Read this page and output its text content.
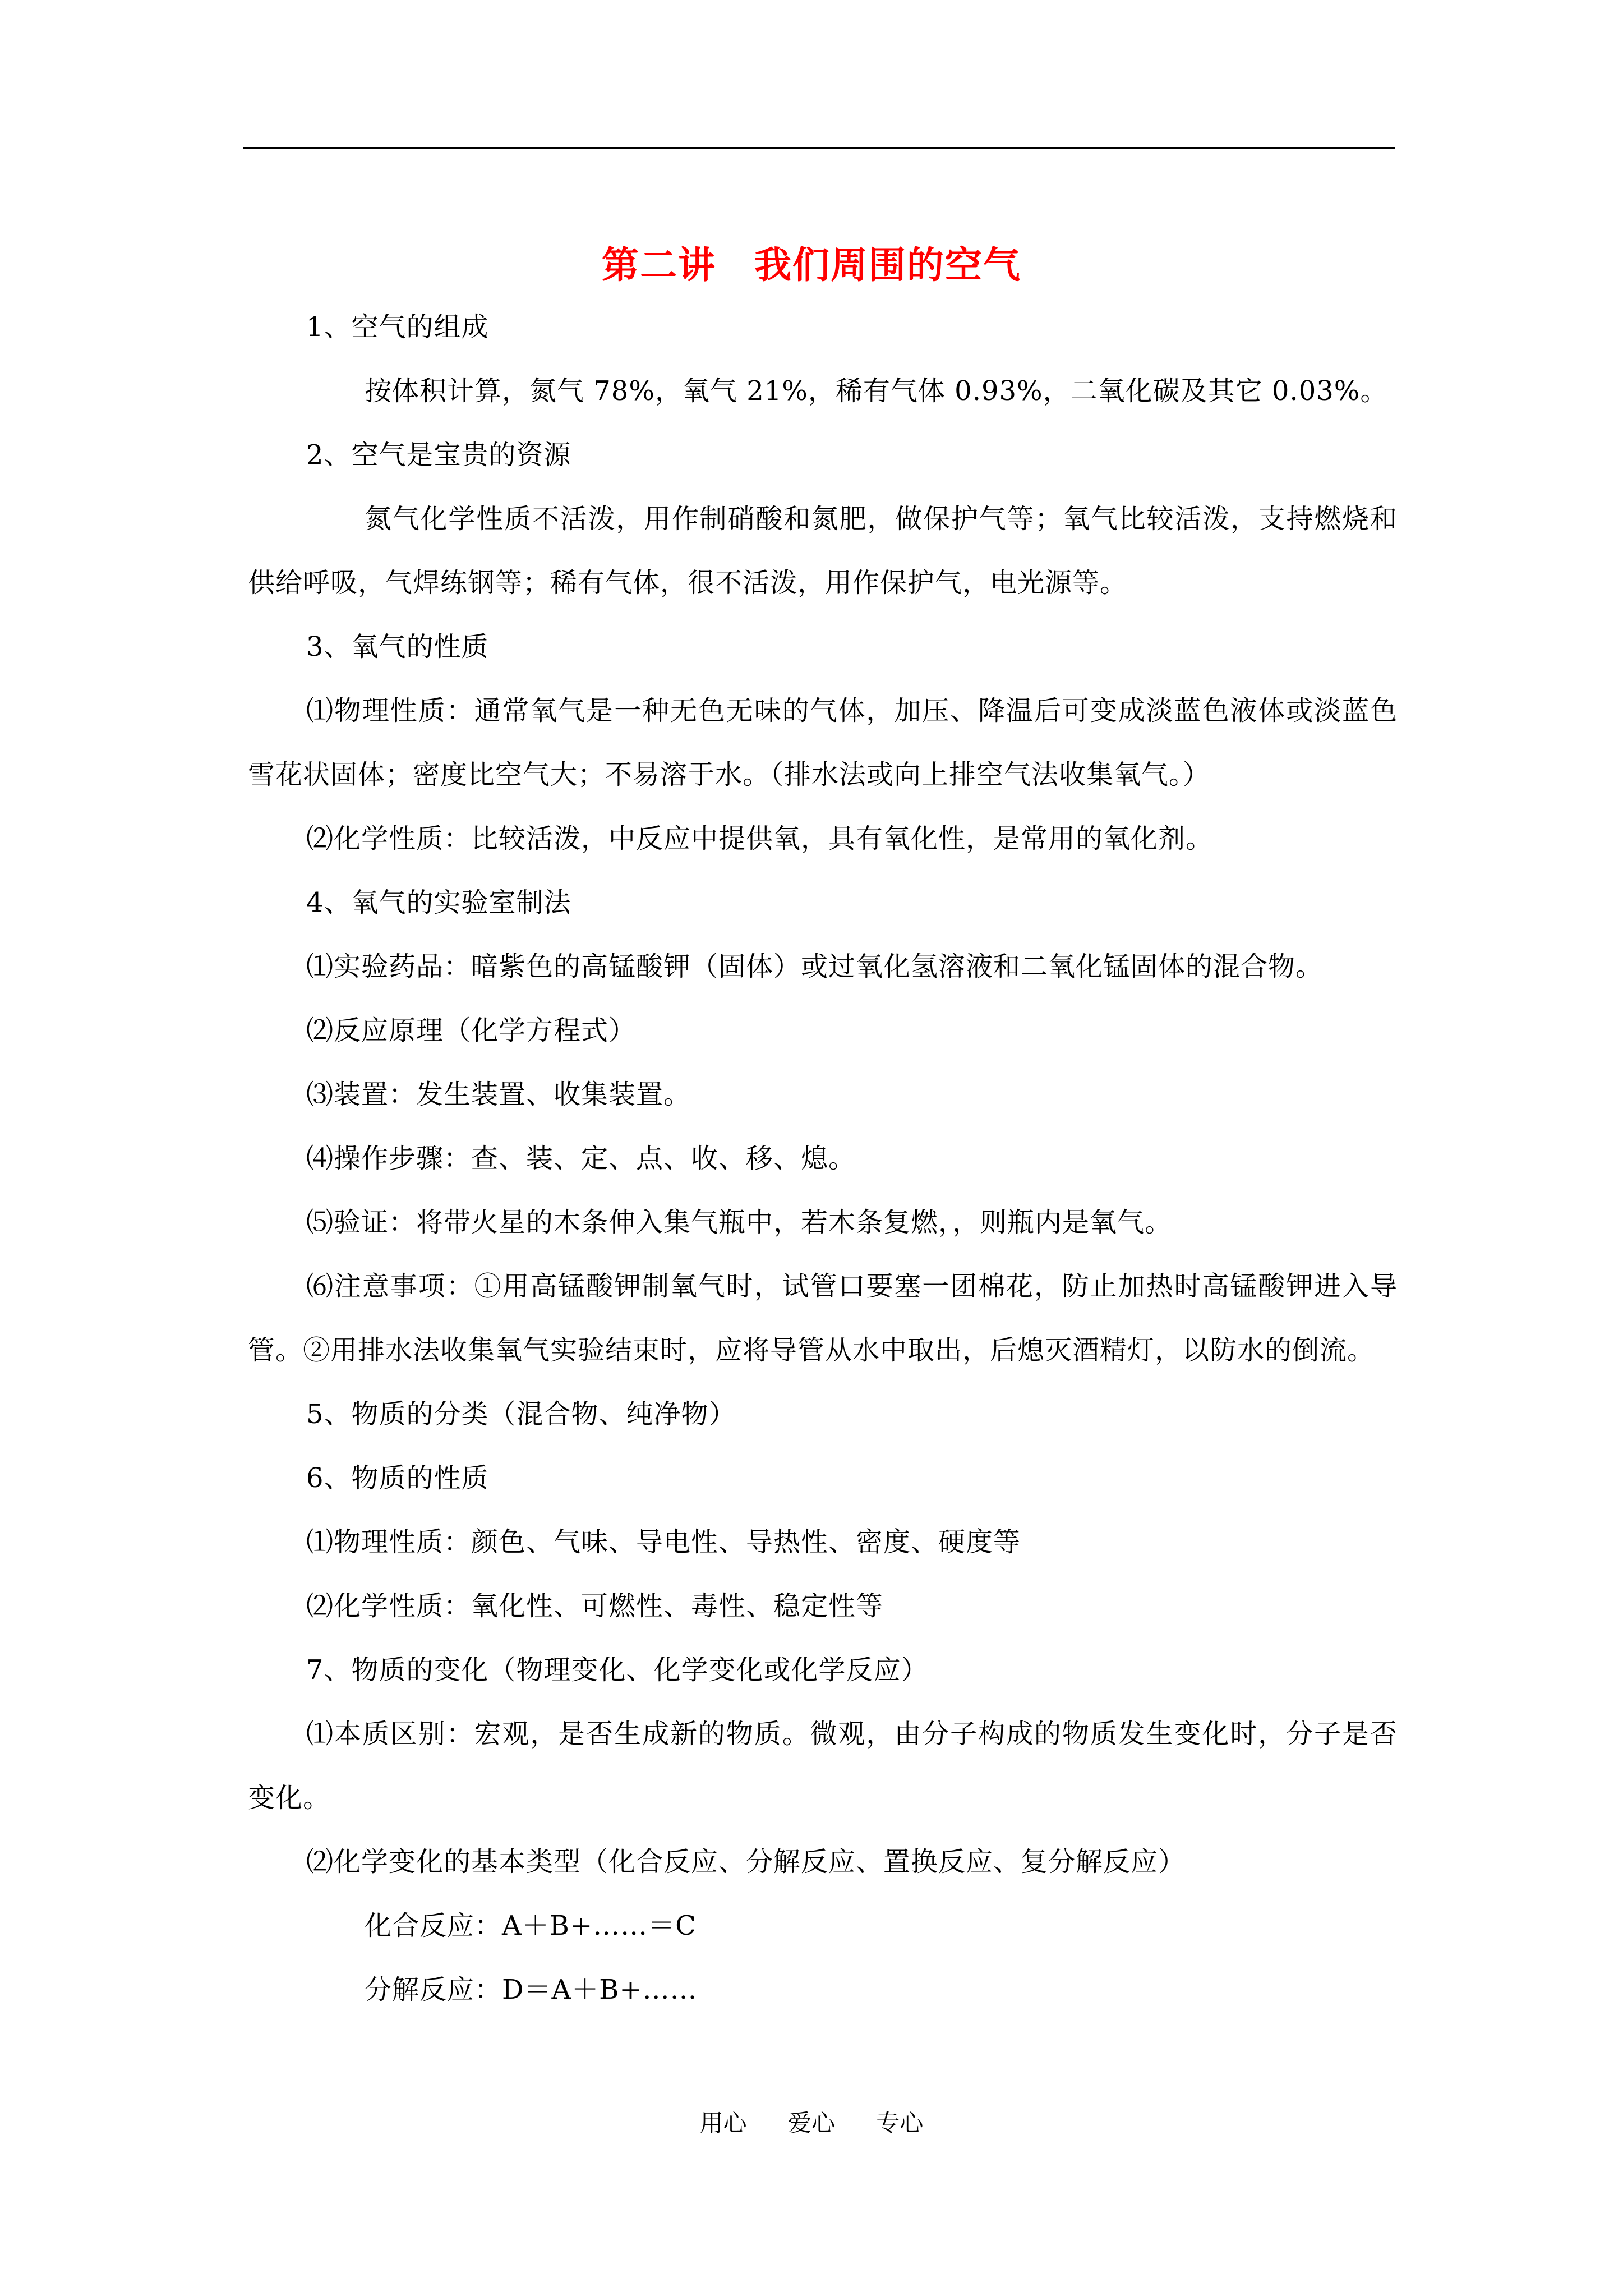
第二讲　我们周围的空气

1、空气的组成

按体积计算，氮气 78%，氧气 21%，稀有气体 0.93%，二氧化碳及其它 0.03%。

2、空气是宝贵的资源

氮气化学性质不活泼，用作制硝酸和氮肥，做保护气等；氧气比较活泼，支持燃烧和供给呼吸，气焊练钢等；稀有气体，很不活泼，用作保护气，电光源等。

3、氧气的性质

⑴物理性质：通常氧气是一种无色无味的气体，加压、降温后可变成淡蓝色液体或淡蓝色雪花状固体；密度比空气大；不易溶于水。（排水法或向上排空气法收集氧气。）

⑵化学性质：比较活泼，中反应中提供氧，具有氧化性，是常用的氧化剂。

4、氧气的实验室制法

⑴实验药品：暗紫色的高锰酸钾（固体）或过氧化氢溶液和二氧化锰固体的混合物。

⑵反应原理（化学方程式）

⑶装置：发生装置、收集装置。

⑷操作步骤：查、装、定、点、收、移、熄。

⑸验证：将带火星的木条伸入集气瓶中，若木条复燃，，则瓶内是氧气。

⑹注意事项：①用高锰酸钾制氧气时，试管口要塞一团棉花，防止加热时高锰酸钾进入导管。②用排水法收集氧气实验结束时，应将导管从水中取出，后熄灭酒精灯，以防水的倒流。

5、物质的分类（混合物、纯净物）

6、物质的性质

⑴物理性质：颜色、气味、导电性、导热性、密度、硬度等

⑵化学性质：氧化性、可燃性、毒性、稳定性等

7、物质的变化（物理变化、化学变化或化学反应）

⑴本质区别：宏观，是否生成新的物质。微观，由分子构成的物质发生变化时，分子是否变化。

⑵化学变化的基本类型（化合反应、分解反应、置换反应、复分解反应）

化合反应：A＋B+……＝C

分解反应：D＝A＋B+……

用心 爱心 专心
